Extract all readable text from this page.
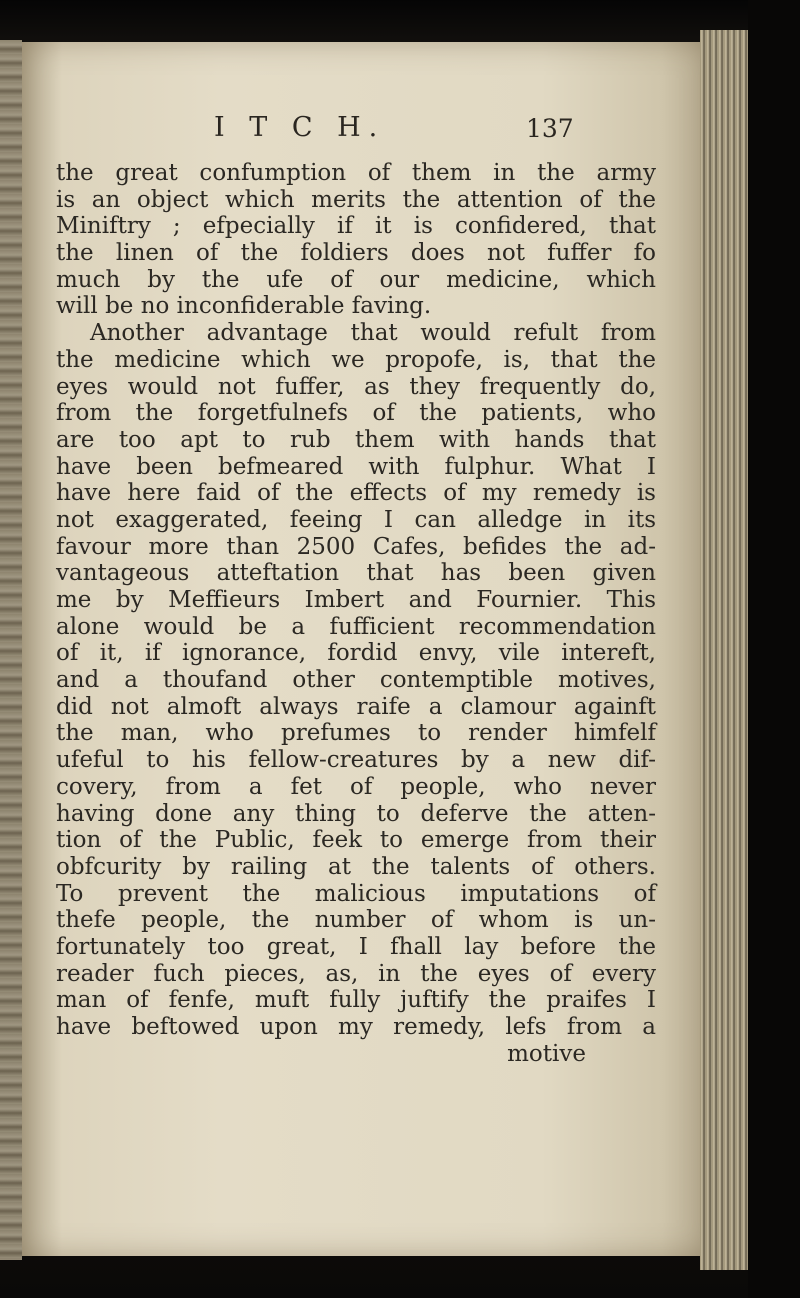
I T C H.	137
the great confumption of them in the army
is an object which merits the attention of the
Miniftry ; efpecially if it is confidered, that
the linen of the foldiers does not fuffer fo
much by the ufe of our medicine, which
will be no inconfiderable faving.
Another advantage that would refult from
the medicine which we propofe, is, that the
eyes would not fuffer, as they frequently do,
from the forgetfulnefs of the patients, who
are too apt to rub them with hands that
have been befmeared with fulphur. What I
have here faid of the effects of my remedy is
not exaggerated, feeing I can alledge in its
favour more than 2500 Cafes, befides the ad-
vantageous atteftation that has been given
me by Meffieurs Imbert and Fournier. This
alone would be a fufficient recommendation
of it, if ignorance, fordid envy, vile intereft,
and a thoufand other contemptible motives,
did not almoft always raife a clamour againft
the man, who prefumes to render himfelf
ufeful to his fellow-creatures by a new dif-
covery, from a fet of people, who never
having done any thing to deferve the atten-
tion of the Public, feek to emerge from their
obfcurity by railing at the talents of others.
To prevent the malicious imputations of
thefe people, the number of whom is un-
fortunately too great, I fhall lay before the
reader fuch pieces, as, in the eyes of every
man of fenfe, muft fully juftify the praifes I
have beftowed upon my remedy, lefs from a
motive
